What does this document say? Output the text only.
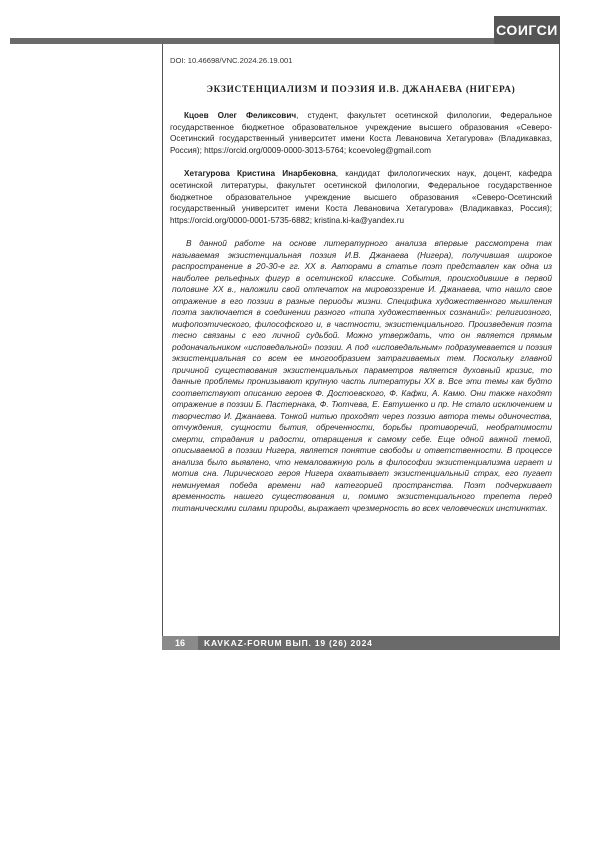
СОИГСИ
DOI: 10.46698/VNC.2024.26.19.001
ЭКЗИСТЕНЦИАЛИЗМ И ПОЭЗИЯ И.В. ДЖАНАЕВА (НИГЕРА)

Кцоев Олег Феликсович, студент, факультет осетинской филологии, Федеральное государственное бюджетное образовательное учреждение высшего образования «Северо-Осетинский государственный университет имени Коста Левановича Хетагурова» (Владикавказ, Россия); https://orcid.org/0009-0000-3013-5764; kcoevoleg@gmail.com

Хетагурова Кристина Инарбековна, кандидат филологических наук, доцент, кафедра осетинской литературы, факультет осетинской филологии, Федеральное государственное бюджетное образовательное учреждение высшего образования «Северо-Осетинский государственный университет имени Коста Левановича Хетагурова» (Владикавказ, Россия); https://orcid.org/0000-0001-5735-6882; kristina.ki-ka@yandex.ru

В данной работе на основе литературного анализа впервые рассмотрена так называемая экзистенциальная поэзия И.В. Джанаева (Нигера), получившая широкое распространение в 20-30-е гг. XX в. Авторами в статье поэт представлен как одна из наиболее рельефных фигур в осетинской классике. События, происходившие в первой половине XX в., наложили свой отпечаток на мировоззрение И. Джанаева, что нашло свое отражение в его поэзии в разные периоды жизни. Специфика художественного мышления поэта заключается в соединении разного «типа художественных сознаний»: религиозного, мифопоэтического, философского и, в частности, экзистенциального. Произведения поэта тесно связаны с его личной судьбой. Можно утверждать, что он является прямым родоначальником «исповедальной» поэзии. А под «исповедальным» подразумевается и поэзия экзистенциальная со всем ее многообразием затрагиваемых тем. Поскольку главной причиной существования экзистенциальных параметров является духовный кризис, то данные проблемы пронизывают крупную часть литературы XX в. Все эти темы как будто соответствуют описанию героев Ф. Достоевского, Ф. Кафки, А. Камю. Они также находят отражение в поэзии Б. Пастернака, Ф. Тютчева, Е. Евтушенко и пр. Не стало исключением и творчество И. Джанаева. Тонкой нитью проходят через поэзию автора темы одиночества, отчуждения, сущности бытия, обреченности, борьбы противоречий, необратимости смерти, страдания и радости, отвращения к самому себе. Еще одной важной темой, описываемой в поэзии Нигера, является понятие свободы и ответственности. В процессе анализа было выявлено, что немаловажную роль в философии экзистенциализма играет и мотив сна. Лирического героя Нигера охватывает экзистенциальный страх, его пугает неминуемая победа времени над категорией пространства. Поэт подчеркивает временность нашего существования и, помимо экзистенциального трепета перед титаническими силами природы, выражает чрезмерность во всех человеческих инстинктах.

16	KAVKAZ-FORUM ВЫП. 19 (26) 2024
